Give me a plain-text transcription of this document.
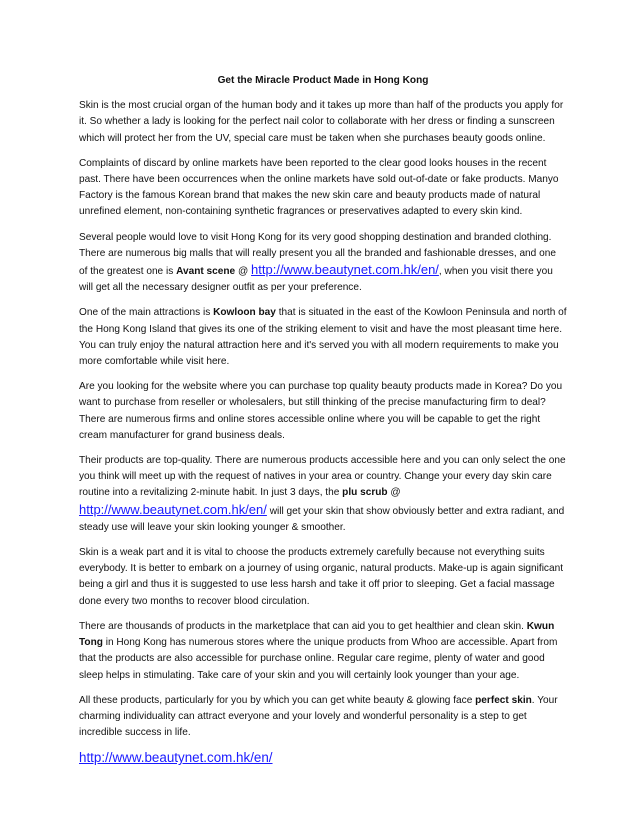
Get the Miracle Product Made in Hong Kong

Skin is the most crucial organ of the human body and it takes up more than half of the products you apply for it. So whether a lady is looking for the perfect nail color to collaborate with her dress or finding a sunscreen which will protect her from the UV, special care must be taken when she purchases beauty goods online.

Complaints of discard by online markets have been reported to the clear good looks houses in the recent past. There have been occurrences when the online markets have sold out-of-date or fake products. Manyo Factory is the famous Korean brand that makes the new skin care and beauty products made of natural unrefined element, non-containing synthetic fragrances or preservatives adapted to every skin kind.

Several people would love to visit Hong Kong for its very good shopping destination and branded clothing. There are numerous big malls that will really present you all the branded and fashionable dresses, and one of the greatest one is Avant scene @ http://www.beautynet.com.hk/en/, when you visit there you will get all the necessary designer outfit as per your preference.

One of the main attractions is Kowloon bay that is situated in the east of the Kowloon Peninsula and north of the Hong Kong Island that gives its one of the striking element to visit and have the most pleasant time here. You can truly enjoy the natural attraction here and it's served you with all modern requirements to make you more comfortable while visit here.

Are you looking for the website where you can purchase top quality beauty products made in Korea? Do you want to purchase from reseller or wholesalers, but still thinking of the precise manufacturing firm to deal? There are numerous firms and online stores accessible online where you will be capable to get the right cream manufacturer for grand business deals.

Their products are top-quality. There are numerous products accessible here and you can only select the one you think will meet up with the request of natives in your area or country. Change your every day skin care routine into a revitalizing 2-minute habit. In just 3 days, the plu scrub @ http://www.beautynet.com.hk/en/ will get your skin that show obviously better and extra radiant, and steady use will leave your skin looking younger & smoother.

Skin is a weak part and it is vital to choose the products extremely carefully because not everything suits everybody. It is better to embark on a journey of using organic, natural products. Make-up is again significant being a girl and thus it is suggested to use less harsh and take it off prior to sleeping. Get a facial massage done every two months to recover blood circulation.

There are thousands of products in the marketplace that can aid you to get healthier and clean skin. Kwun Tong in Hong Kong has numerous stores where the unique products from Whoo are accessible. Apart from that the products are also accessible for purchase online. Regular care regime, plenty of water and good sleep helps in stimulating. Take care of your skin and you will certainly look younger than your age.

All these products, particularly for you by which you can get white beauty & glowing face perfect skin. Your charming individuality can attract everyone and your lovely and wonderful personality is a step to get incredible success in life.

http://www.beautynet.com.hk/en/
